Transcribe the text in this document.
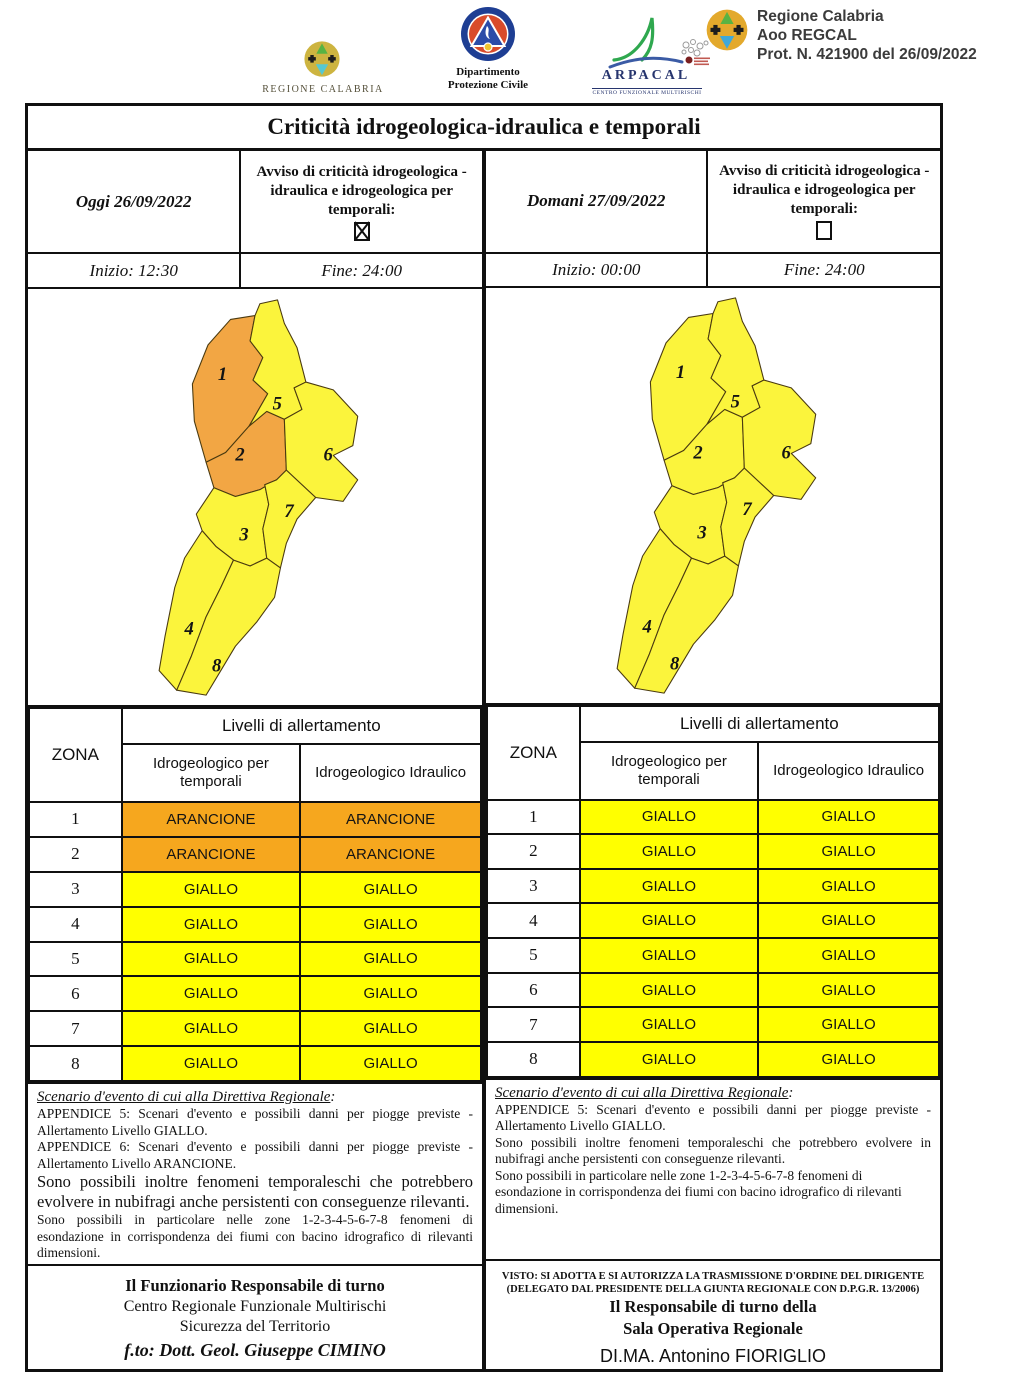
REGIONE CALABRIA
Dipartimento
Protezione Civile
ARPACAL
CENTRO FUNZIONALE MULTIRISCHI
Regione Calabria
Aoo REGCAL
Prot. N. 421900 del 26/09/2022
Criticità idrogeologica-idraulica e temporali
Oggi 26/09/2022
Avviso di criticità idrogeologica - idraulica e idrogeologica per temporali:
Inizio: 12:30	Fine: 24:00
1
2
3
4
5
6
7
8
ZONA	Livelli di allertamento	
	Idrogeologico per temporali	Idrogeologico Idraulico
1	ARANCIONE	ARANCIONE
2	ARANCIONE	ARANCIONE
3	GIALLO	GIALLO
4	GIALLO	GIALLO
5	GIALLO	GIALLO
6	GIALLO	GIALLO
7	GIALLO	GIALLO
8	GIALLO	GIALLO
Scenario d'evento di cui alla Direttiva Regionale:

APPENDICE 5: Scenari d'evento e possibili danni per piogge previste - Allertamento Livello GIALLO.

APPENDICE 6: Scenari d'evento e possibili danni per piogge previste - Allertamento Livello ARANCIONE.

Sono possibili inoltre fenomeni temporaleschi che potrebbero evolvere in nubifragi anche persistenti con conseguenze rilevanti.

Sono possibili in particolare nelle zone 1-2-3-4-5-6-7-8 fenomeni di esondazione in corrispondenza dei fiumi con bacino idrografico di rilevanti dimensioni.

Il Funzionario Responsabile di turno
Centro Regionale Funzionale Multirischi
Sicurezza del Territorio
f.to: Dott. Geol. Giuseppe CIMINO
Domani 27/09/2022
Avviso di criticità idrogeologica - idraulica e idrogeologica per temporali:
Inizio: 00:00	Fine: 24:00
1
2
3
4
5
6
7
8
ZONA	Livelli di allertamento	
	Idrogeologico per temporali	Idrogeologico Idraulico
1	GIALLO	GIALLO
2	GIALLO	GIALLO
3	GIALLO	GIALLO
4	GIALLO	GIALLO
5	GIALLO	GIALLO
6	GIALLO	GIALLO
7	GIALLO	GIALLO
8	GIALLO	GIALLO
Scenario d'evento di cui alla Direttiva Regionale:

APPENDICE 5: Scenari d'evento e possibili danni per piogge previste - Allertamento Livello GIALLO.

Sono possibili inoltre fenomeni temporaleschi che potrebbero evolvere in nubifragi anche persistenti con conseguenze rilevanti.

Sono possibili in particolare nelle zone 1-2-3-4-5-6-7-8 fenomeni di esondazione in corrispondenza dei fiumi con bacino idrografico di rilevanti dimensioni.

VISTO: SI ADOTTA E SI AUTORIZZA LA TRASMISSIONE D'ORDINE DEL DIRIGENTE
(DELEGATO DAL PRESIDENTE DELLA GIUNTA REGIONALE CON D.P.G.R. 13/2006)
Il Responsabile di turno della
Sala Operativa Regionale
DI.MA. Antonino FIORIGLIO
